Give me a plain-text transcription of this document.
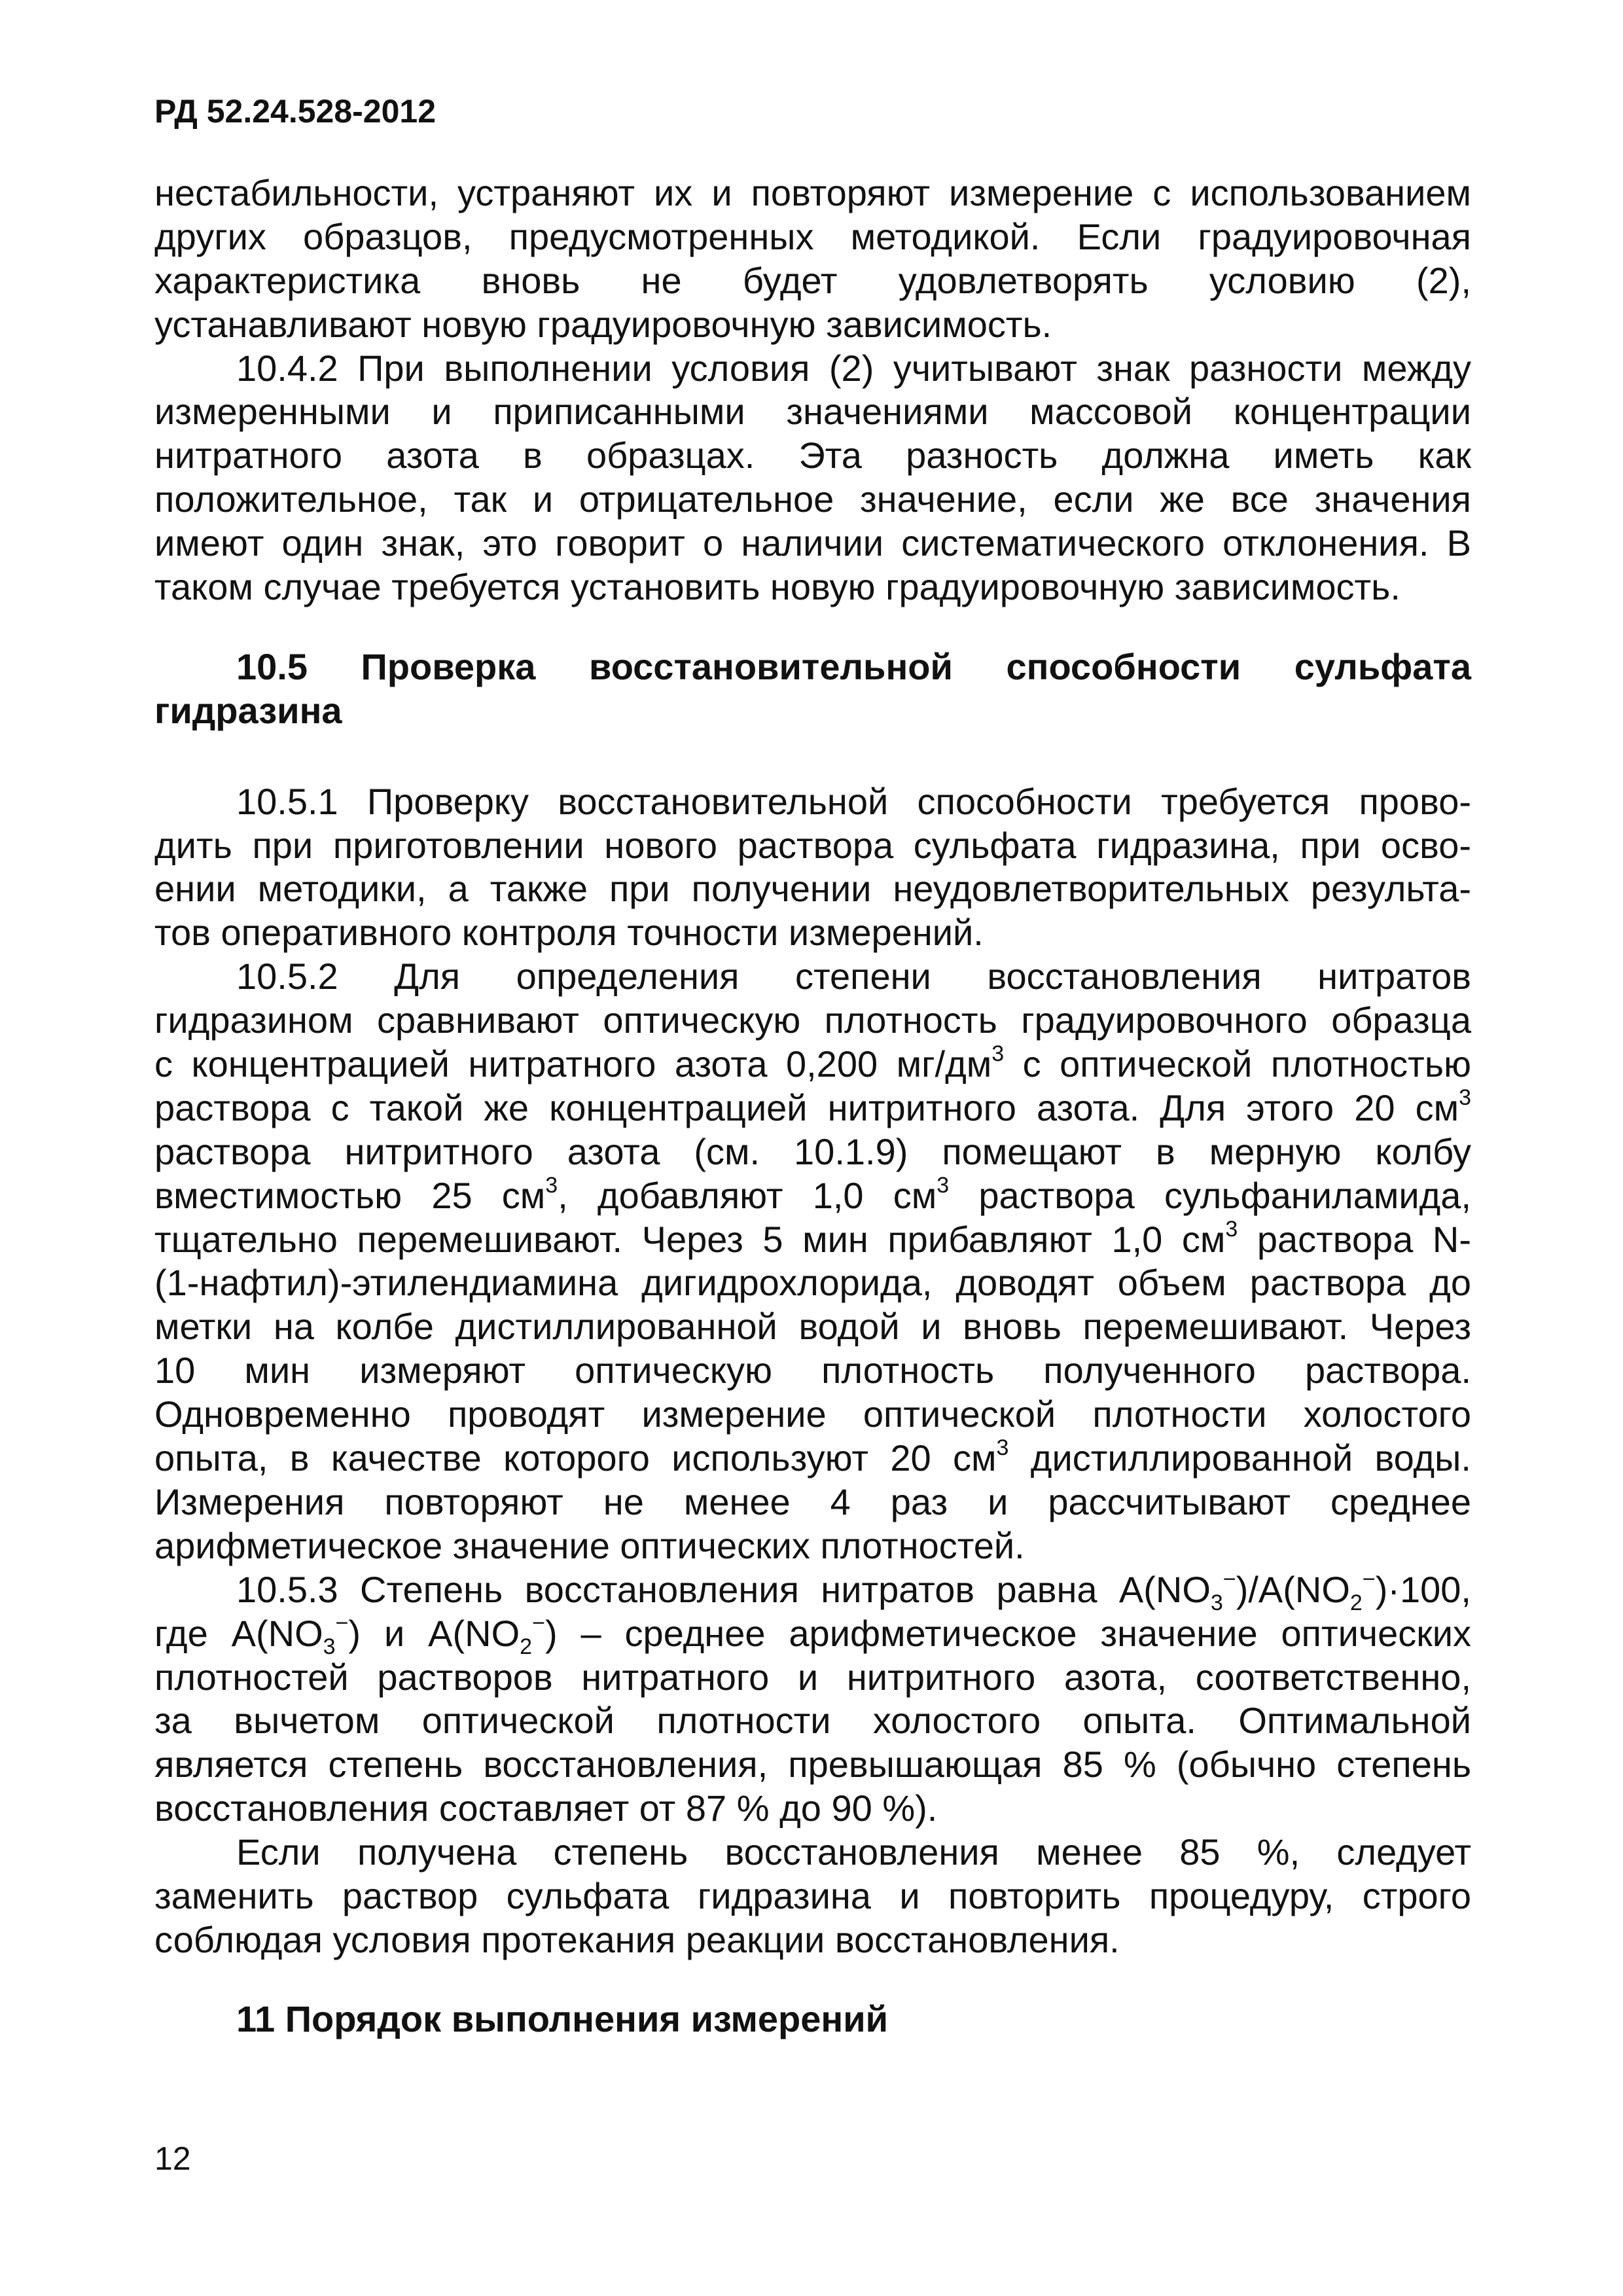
РД 52.24.528-2012
нестабильности, устраняют их и повторяют измерение с использованием
других образцов, предусмотренных методикой. Если градуировочная
характеристика вновь не будет удовлетворять условию (2),
устанавливают новую градуировочную зависимость.
10.4.2 При выполнении условия (2) учитывают знак разности между
измеренными и приписанными значениями массовой концентрации
нитратного азота в образцах. Эта разность должна иметь как
положительное, так и отрицательное значение, если же все значения
имеют один знак, это говорит о наличии систематического отклонения. В
таком случае требуется установить новую градуировочную зависимость.
10.5 Проверка восстановительной способности сульфата
гидразина
10.5.1 Проверку восстановительной способности требуется прово-
дить при приготовлении нового раствора сульфата гидразина, при осво-
ении методики, а также при получении неудовлетворительных результа-
тов оперативного контроля точности измерений.
10.5.2 Для определения степени восстановления нитратов
гидразином сравнивают оптическую плотность градуировочного образца
с концентрацией нитратного азота 0,200 $мг/дм^3$ с оптической плотностью
раствора с такой же концентрацией нитритного азота. Для этого 20 $см^3$
раствора нитритного азота (см. 10.1.9) помещают в мерную колбу
вместимостью 25 $см^3$, добавляют 1,0 $см^3$ раствора сульфаниламида,
тщательно перемешивают. Через 5 мин прибавляют 1,0 $см^3$ раствора N-
(1-нафтил)-этилендиамина дигидрохлорида, доводят объем раствора до
метки на колбе дистиллированной водой и вновь перемешивают. Через
10 мин измеряют оптическую плотность полученного раствора.
Одновременно проводят измерение оптической плотности холостого
опыта, в качестве которого используют 20 $см^3$ дистиллированной воды.
Измерения повторяют не менее 4 раз и рассчитывают среднее
арифметическое значение оптических плотностей.
10.5.3 Степень восстановления нитратов равна $A(NO_3^-)/A(NO_2^-)\cdot 100$,
где $A(NO_3^-)$ и $A(NO_2^-)$ – среднее арифметическое значение оптических
плотностей растворов нитратного и нитритного азота, соответственно,
за вычетом оптической плотности холостого опыта. Оптимальной
является степень восстановления, превышающая 85 % (обычно степень
восстановления составляет от 87 % до 90 %).
Если получена степень восстановления менее 85 %, следует
заменить раствор сульфата гидразина и повторить процедуру, строго
соблюдая условия протекания реакции восстановления.
11 Порядок выполнения измерений
12
